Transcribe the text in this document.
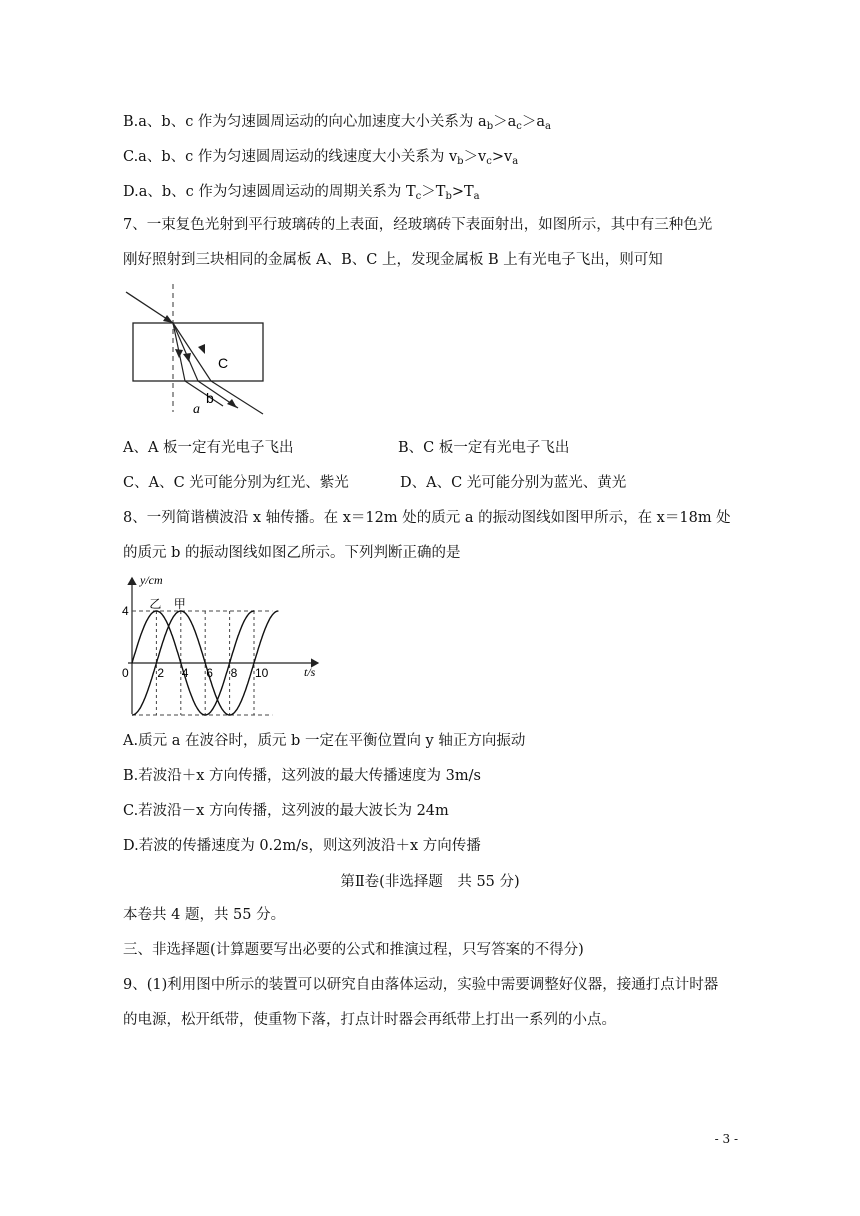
B.a、b、c 作为匀速圆周运动的向心加速度大小关系为 $a_b>a_c>a_a$
C.a、b、c 作为匀速圆周运动的线速度大小关系为 $v_b>v_c>v_a$
D.a、b、c 作为匀速圆周运动的周期关系为 $T_c>T_b>T_a$
7、一束复色光射到平行玻璃砖的上表面，经玻璃砖下表面射出，如图所示，其中有三种色光
刚好照射到三块相同的金属板 A、B、C 上，发现金属板 B 上有光电子飞出，则可知
C
b
a
A、A 板一定有光电子飞出	B、C 板一定有光电子飞出
C、A、C 光可能分别为红光、紫光	D、A、C 光可能分别为蓝光、黄光
8、一列简谐横波沿 x 轴传播。在 x＝12m 处的质元 a 的振动图线如图甲所示，在 x＝18m 处
的质元 b 的振动图线如图乙所示。下列判断正确的是
乙 甲
0 2 4 6 8 10
4
y/cm
t/s
A.质元 a 在波谷时，质元 b 一定在平衡位置向 y 轴正方向振动
B.若波沿＋x 方向传播，这列波的最大传播速度为 3m/s
C.若波沿－x 方向传播，这列波的最大波长为 24m
D.若波的传播速度为 0.2m/s，则这列波沿＋x 方向传播
第Ⅱ卷(非选择题　共 55 分)
本卷共 4 题，共 55 分。
三、非选择题(计算题要写出必要的公式和推演过程，只写答案的不得分)
9、(1)利用图中所示的装置可以研究自由落体运动，实验中需要调整好仪器，接通打点计时器
的电源，松开纸带，使重物下落，打点计时器会再纸带上打出一系列的小点。
- 3 -
